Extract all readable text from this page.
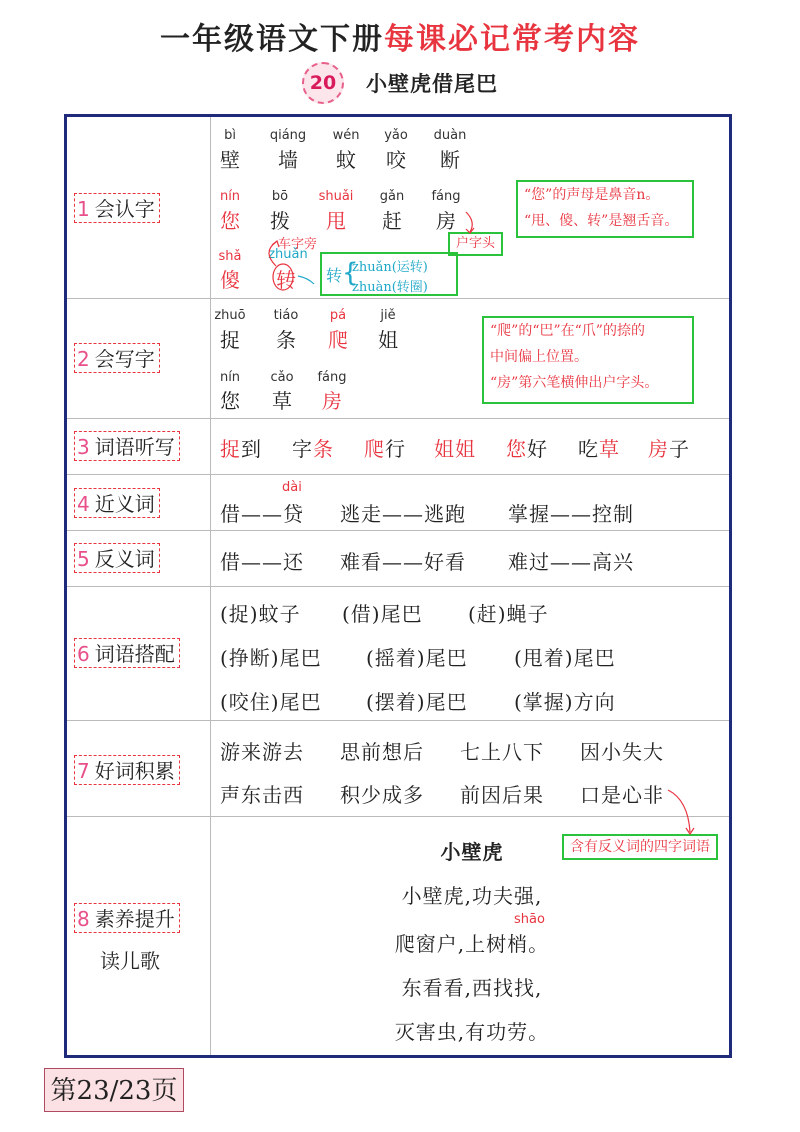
一年级语文下册每课必记常考内容
20 小壁虎借尾巴
1 会认字
2 会写字
3 词语听写
4 近义词
5 反义词
6 词语搭配
7 好词积累
8 素养提升
读儿歌
bì
壁
qiáng
墙
wén
蚊
yǎo
咬
duàn
断
nín
您
bō
拨
shuǎi
甩
gǎn
赶
fáng
房
shǎ
傻
zhuǎn
转
车字旁	户字头
转 {
zhuǎn(运转)
zhuàn(转圈)
“您”的声母是鼻音n。
“甩、傻、转”是翘舌音。
zhuō
捉
tiáo
条
pá
爬
jiě
姐
nín
您
cǎo
草
fáng
房
“爬”的“巴”在“爪”的捺的
中间偏上位置。
“房”第六笔横伸出户字头。
捉到 字条 爬行 姐姐 您好 吃草 房子
dài
借——贷 逃走——逃跑 掌握——控制
借——还 难看——好看 难过——高兴
(捉)蚊子 (借)尾巴 (赶)蝇子
(挣断)尾巴 (摇着)尾巴 (甩着)尾巴
(咬住)尾巴 (摆着)尾巴 (掌握)方向
游来游去 思前想后 七上八下 因小失大
声东击西 积少成多 前因后果 口是心非
含有反义词的四字词语
小壁虎
shāo
小壁虎,功夫强,
爬窗户,上树梢。
东看看,西找找,
灭害虫,有功劳。
第23/23页
